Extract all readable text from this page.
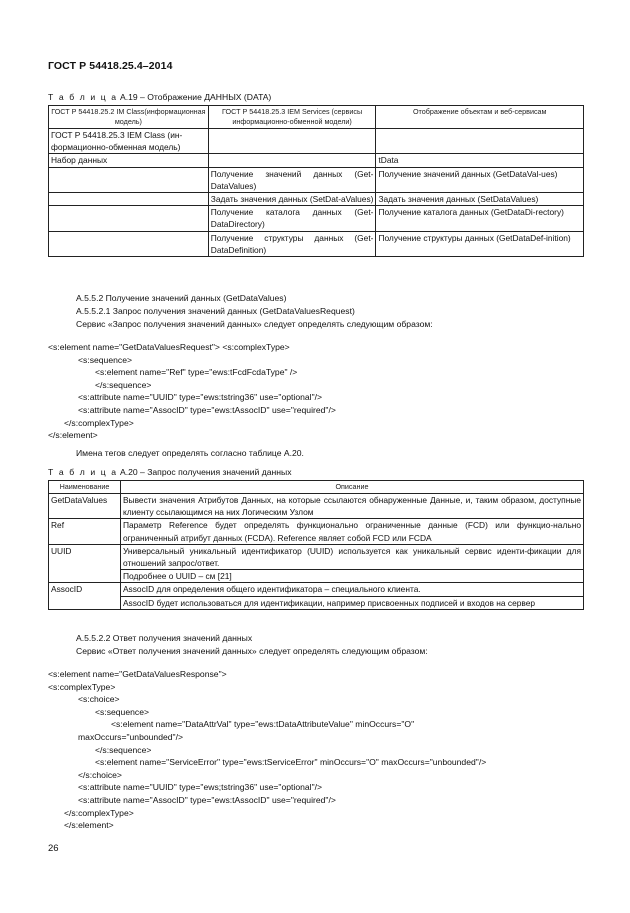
ГОСТ Р 54418.25.4–2014
Т а б л и ц а А.19 – Отображение ДАННЫХ (DATA)
ГОСТ Р 54418.25.2 IM Class(информационная модель)	ГОСТ Р 54418.25.3 IEM Services (сервисы информационно-обменной модели)	Отображение объектам и веб-сервисам
ГОСТ Р 54418.25.3 IEM Class (ин-формационно-обменная модель)		
Набор данных		tData
	Получение значений данных (Get-DataValues)	Получение значений данных (GetDataVal-ues)
	Задать значения данных (SetDat-aValues)	Задать значения данных (SetDataValues)
	Получение каталога данных (Get-DataDirectory)	Получение каталога данных (GetDataDi-rectory)
	Получение структуры данных (Get-DataDefinition)	Получение структуры данных (GetDataDef-inition)
А.5.5.2 Получение значений данных (GetDataValues)
А.5.5.2.1 Запрос получения значений данных (GetDataValuesRequest)
Сервис «Запрос получения значений данных» следует определять следующим образом:
<s:element name="GetDataValuesRequest"> <s:complexType>
<s:sequence>
<s:element name="Ref" type="ews:tFcdFcdaType" />
</s:sequence>
<s:attribute name="UUID" type="ews:tstring36" use="optional"/>
<s:attribute name="AssocID" type="ews:tAssocID" use="required"/>
</s:complexType>
</s:element>
Имена тегов следует определять согласно таблице А.20.
Т а б л и ц а А.20 – Запрос получения значений данных
Наименование	Описание
GetDataValues	Вывести значения Атрибутов Данных, на которые ссылаются обнаруженные Данные, и, таким образом, доступные клиенту ссылающимся на них Логическим Узлом
Ref	Параметр Reference будет определять функционально ограниченные данные (FCD) или функцио-нально ограниченный атрибут данных (FCDA). Reference являет собой FCD или FCDA
UUID	Универсальный уникальный идентификатор (UUID) используется как уникальный сервис иденти-фикации для отношений запрос/ответ.
	Подробнее о UUID – см [21]
AssocID	AssocID для определения общего идентификатора – специального клиента.
	AssocID будет использоваться для идентификации, например присвоенных подписей и входов на сервер
А.5.5.2.2 Ответ получения значений данных
Сервис «Ответ получения значений данных» следует определять следующим образом:
<s:element name="GetDataValuesResponse">
<s:complexType>
<s:choice>
<s:sequence>
<s:element name="DataAttrVal" type="ews:tDataAttributeValue" minOccurs="O"
maxOccurs="unbounded"/>
</s:sequence>
<s:element name="ServiceError" type="ews:tServiceError" minOccurs="O" maxOccurs="unbounded"/>
</s:choice>
<s:attribute name="UUID" type="ews;tstring36" use="optional"/>
<s:attribute name="AssocID" type="ews:tAssocID" use="required"/>
</s:complexType>
</s:element>
26
